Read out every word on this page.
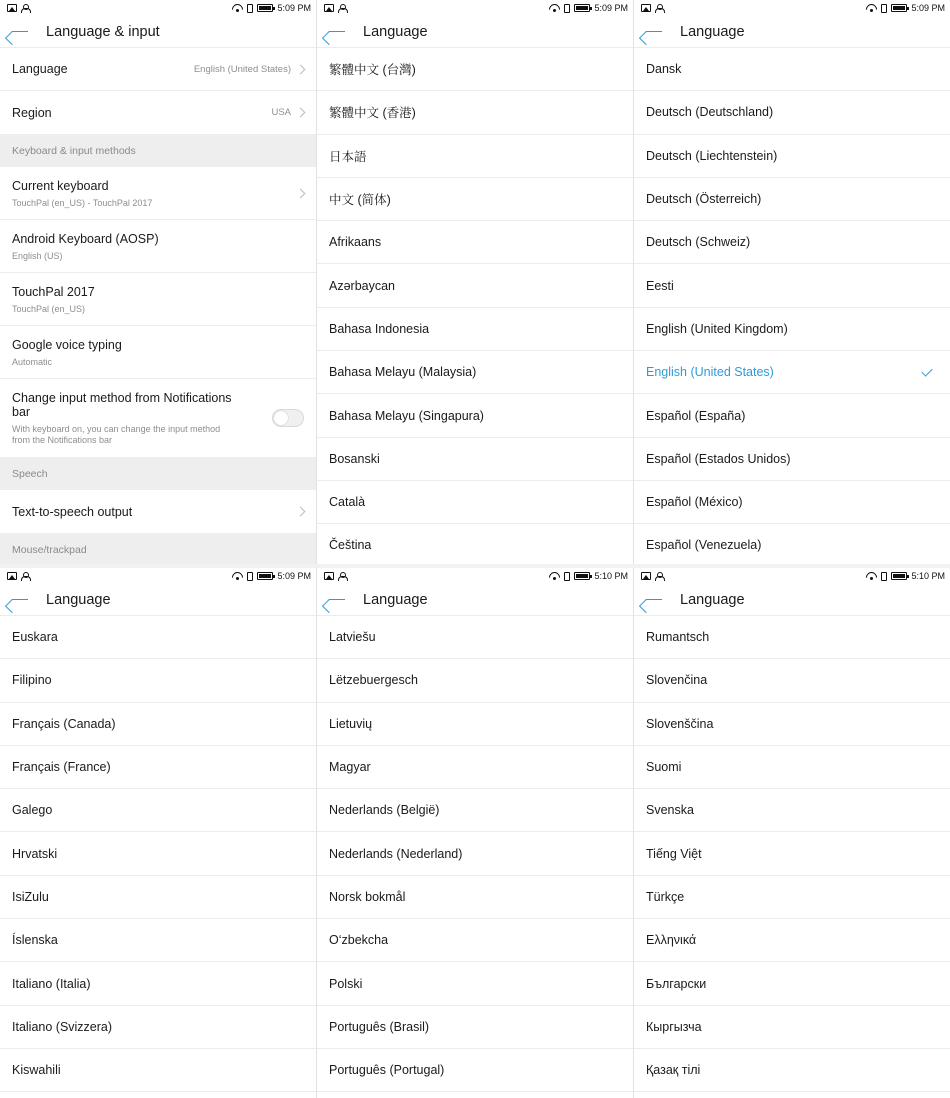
5:09 PM
Language & input
Language	English (United States)
Region	USA
Keyboard & input methods
Current keyboard
TouchPal (en_US) - TouchPal 2017
Android Keyboard (AOSP)
English (US)
TouchPal 2017
TouchPal (en_US)
Google voice typing
Automatic
Change input method from Notifications bar
With keyboard on, you can change the input method from the Notifications bar
Speech
Text-to-speech output
Mouse/trackpad
5:09 PM
Language
繁體中文 (台灣)
繁體中文 (香港)
日本語
中文 (简体)
Afrikaans
Azərbaycan
Bahasa Indonesia
Bahasa Melayu (Malaysia)
Bahasa Melayu (Singapura)
Bosanski
Català
Čeština
5:09 PM
Language
Dansk
Deutsch (Deutschland)
Deutsch (Liechtenstein)
Deutsch (Österreich)
Deutsch (Schweiz)
Eesti
English (United Kingdom)
English (United States)
Español (España)
Español (Estados Unidos)
Español (México)
Español (Venezuela)
5:09 PM
Language
Euskara
Filipino
Français (Canada)
Français (France)
Galego
Hrvatski
IsiZulu
Íslenska
Italiano (Italia)
Italiano (Svizzera)
Kiswahili
5:10 PM
Language
Latviešu
Lëtzebuergesch
Lietuvių
Magyar
Nederlands (België)
Nederlands (Nederland)
Norsk bokmål
O‘zbekcha
Polski
Português (Brasil)
Português (Portugal)
5:10 PM
Language
Rumantsch
Slovenčina
Slovenščina
Suomi
Svenska
Tiếng Việt
Türkçe
Ελληνικά
Български
Кыргызча
Қазақ тілі
